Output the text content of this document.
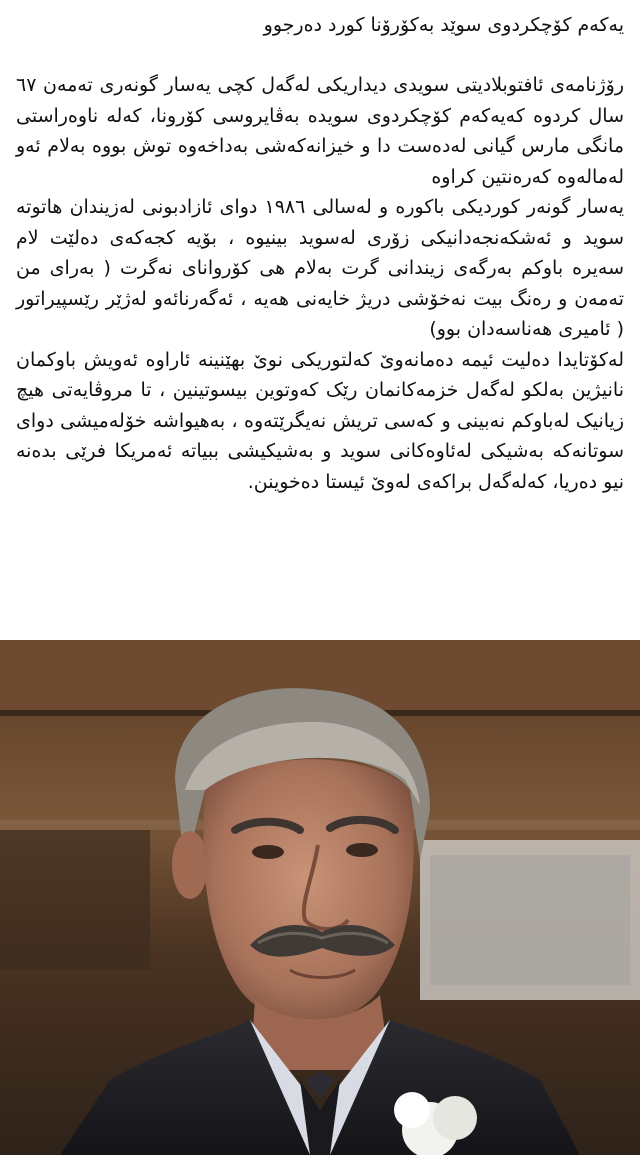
یەکەم کۆچکردوی سوێد بەکۆرۆنا کورد دەرجوو

رۆژنامەی ئافتوبلادیتی سویدی دیداریکی لەگەل کچی یەسار گونەری تەمەن ٦٧ سال کردوە کەیەکەم کۆچکردوی سویدە بەڤایروسی کۆرونا، کەلە ناوەراستی مانگی مارس گیانی لەدەست دا و خیزانەکەشی بەداخەوە توش بووە بەلام ئەو لەمالەوە کەرەنتین کراوە

یەسار گونەر کوردیکی باکورە و لەسالی ١٩٨٦ دوای ئازادبونی لەزیندان هاتوتە سوید و ئەشکەنجەدانیکی زۆری لەسوید بینیوە ، بۆیە کجەکەی دەلێت لام سەیرە باوکم بەرگەی زیندانی گرت بەلام هی کۆروانای نەگرت ( بەرای من تەمەن و رەنگ بیت نەخۆشی دریژ خایەنی هەیە ، ئەگەرنائەو لەژێر رێسپیراتور ( ئامیری هەناسەدان بوو)

لەکۆتایدا دەلیت ئیمە دەمانەوێ کەلتوریکی نوێ بهێنینە ئاراوە ئەویش باوکمان نانیژین بەلکو لەگەل خزمەکانمان رێک کەوتوین بیسوتینین ، تا مروڤایەتی هیچ زیانیک لەباوکم نەبینی و کەسی تریش نەیگرێتەوە ، بەهیواشە خۆلەمیشی دوای سوتانەکە بەشیکی لەئاوەکانی سوید و بەشیکیشی ببیاتە ئەمریکا فرێی بدەنە نیو دەریا، کەلەگەل براکەی لەوێ ئیستا دەخوینن.
